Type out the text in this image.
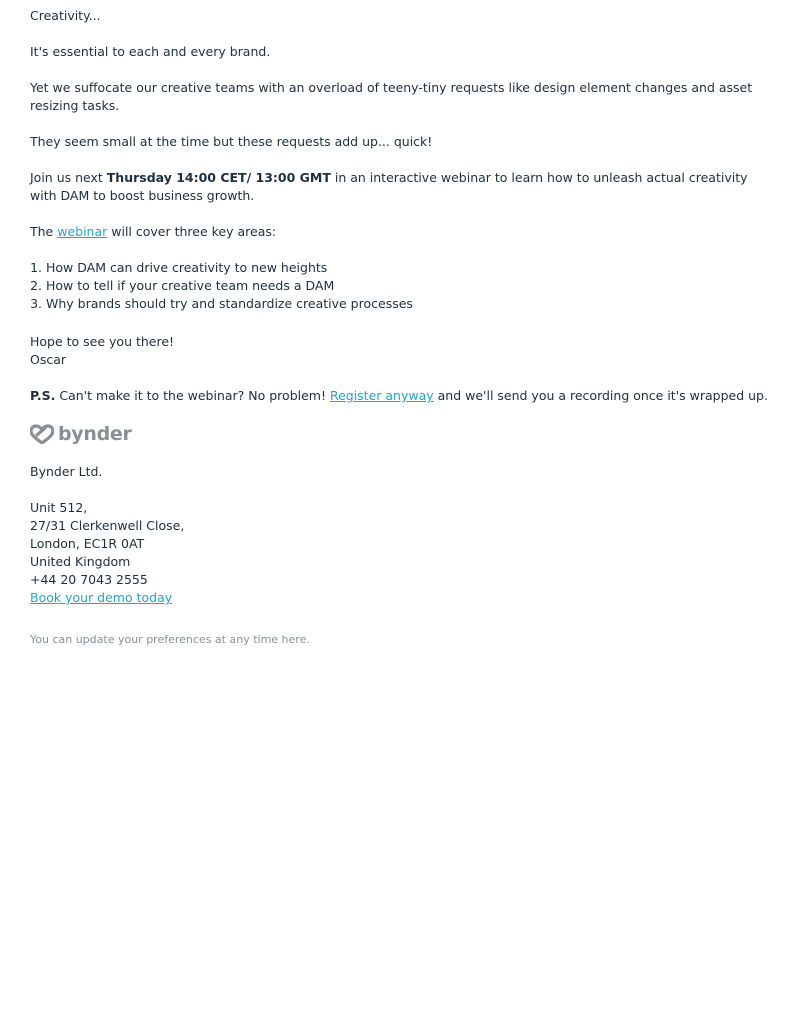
Creativity...

It's essential to each and every brand.

Yet we suffocate our creative teams with an overload of teeny-tiny requests like design element changes and asset resizing tasks.

They seem small at the time but these requests add up... quick!

Join us next Thursday 14:00 CET/ 13:00 GMT in an interactive webinar to learn how to unleash actual creativity with DAM to boost business growth.

The webinar will cover three key areas:

1. How DAM can drive creativity to new heights
2. How to tell if your creative team needs a DAM
3. Why brands should try and standardize creative processes

Hope to see you there!
Oscar

P.S. Can't make it to the webinar? No problem! Register anyway and we'll send you a recording once it's wrapped up.

bynder

Bynder Ltd.

Unit 512,
27/31 Clerkenwell Close,
London, EC1R 0AT
United Kingdom
+44 20 7043 2555
Book your demo today
You can update your preferences at any time here.
